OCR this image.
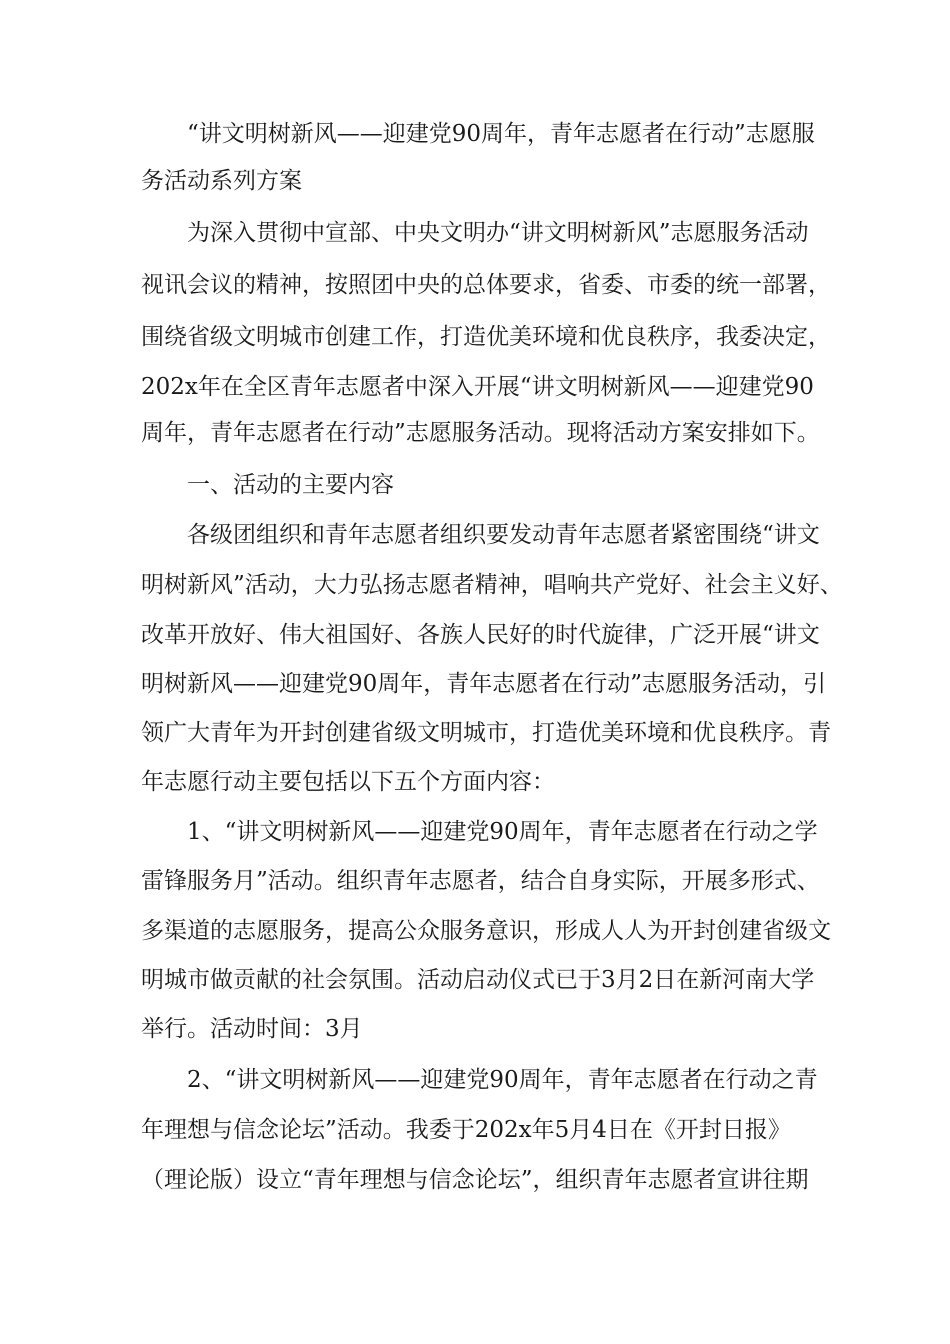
“讲文明树新风——迎建党90周年，青年志愿者在行动”志愿服
务活动系列方案
为深入贯彻中宣部、中央文明办“讲文明树新风”志愿服务活动
视讯会议的精神，按照团中央的总体要求，省委、市委的统一部署，
围绕省级文明城市创建工作，打造优美环境和优良秩序，我委决定，
202x年在全区青年志愿者中深入开展“讲文明树新风——迎建党90
周年，青年志愿者在行动”志愿服务活动。现将活动方案安排如下。
一、活动的主要内容
各级团组织和青年志愿者组织要发动青年志愿者紧密围绕“讲文
明树新风”活动，大力弘扬志愿者精神，唱响共产党好、社会主义好、
改革开放好、伟大祖国好、各族人民好的时代旋律，广泛开展“讲文
明树新风——迎建党90周年，青年志愿者在行动”志愿服务活动，引
领广大青年为开封创建省级文明城市，打造优美环境和优良秩序。青
年志愿行动主要包括以下五个方面内容：
1、“讲文明树新风——迎建党90周年，青年志愿者在行动之学
雷锋服务月”活动。组织青年志愿者，结合自身实际，开展多形式、
多渠道的志愿服务，提高公众服务意识，形成人人为开封创建省级文
明城市做贡献的社会氛围。活动启动仪式已于3月2日在新河南大学
举行。活动时间：3月
2、“讲文明树新风——迎建党90周年，青年志愿者在行动之青
年理想与信念论坛”活动。我委于202x年5月4日在《开封日报》
（理论版）设立“青年理想与信念论坛”，组织青年志愿者宣讲往期
